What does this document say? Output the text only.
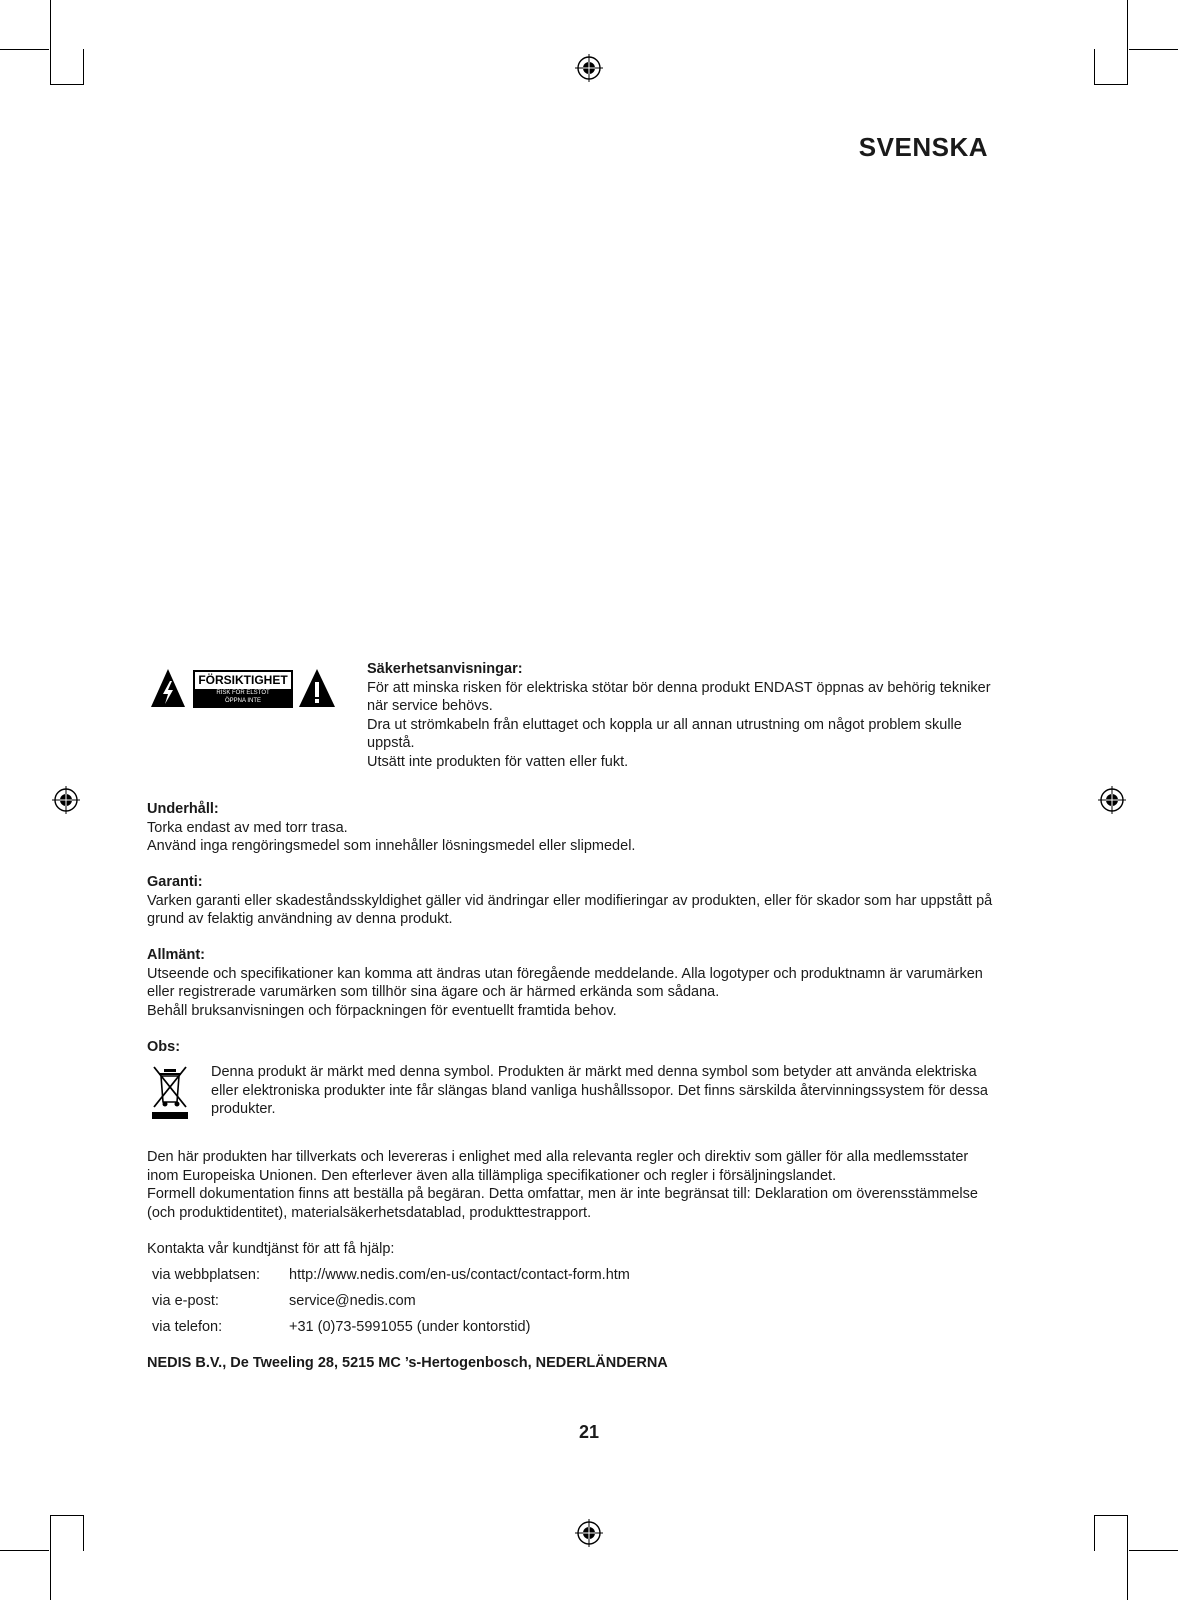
SVENSKA
FÖRSIKTIGHET
RISK FÖR ELSTÖT
ÖPPNA INTE
Säkerhetsanvisningar:
För att minska risken för elektriska stötar bör denna produkt ENDAST öppnas av behörig tekniker
när service behövs.
Dra ut strömkabeln från eluttaget och koppla ur all annan utrustning om något problem skulle
uppstå.
Utsätt inte produkten för vatten eller fukt.
Underhåll:
Torka endast av med torr trasa.
Använd inga rengöringsmedel som innehåller lösningsmedel eller slipmedel.
Garanti:
Varken garanti eller skadeståndsskyldighet gäller vid ändringar eller modifieringar av produkten, eller för skador som har uppstått på
grund av felaktig användning av denna produkt.
Allmänt:
Utseende och specifikationer kan komma att ändras utan föregående meddelande. Alla logotyper och produktnamn är varumärken
eller registrerade varumärken som tillhör sina ägare och är härmed erkända som sådana.
Behåll bruksanvisningen och förpackningen för eventuellt framtida behov.
Obs:
Denna produkt är märkt med denna symbol. Produkten är märkt med denna symbol som betyder att använda elektriska
eller elektroniska produkter inte får slängas bland vanliga hushållssopor. Det finns särskilda återvinningssystem för dessa
produkter.
Den här produkten har tillverkats och levereras i enlighet med alla relevanta regler och direktiv som gäller för alla medlemsstater
inom Europeiska Unionen. Den efterlever även alla tillämpliga specifikationer och regler i försäljningslandet.
Formell dokumentation finns att beställa på begäran. Detta omfattar, men är inte begränsat till: Deklaration om överensstämmelse
(och produktidentitet), materialsäkerhetsdatablad, produkttestrapport.
Kontakta vår kundtjänst för att få hjälp:
via webbplatsen: http://www.nedis.com/en-us/contact/contact-form.htm
via e-post:	service@nedis.com
via telefon:	+31 (0)73-5991055 (under kontorstid)
NEDIS B.V., De Tweeling 28, 5215 MC ’s-Hertogenbosch, NEDERLÄNDERNA
21
